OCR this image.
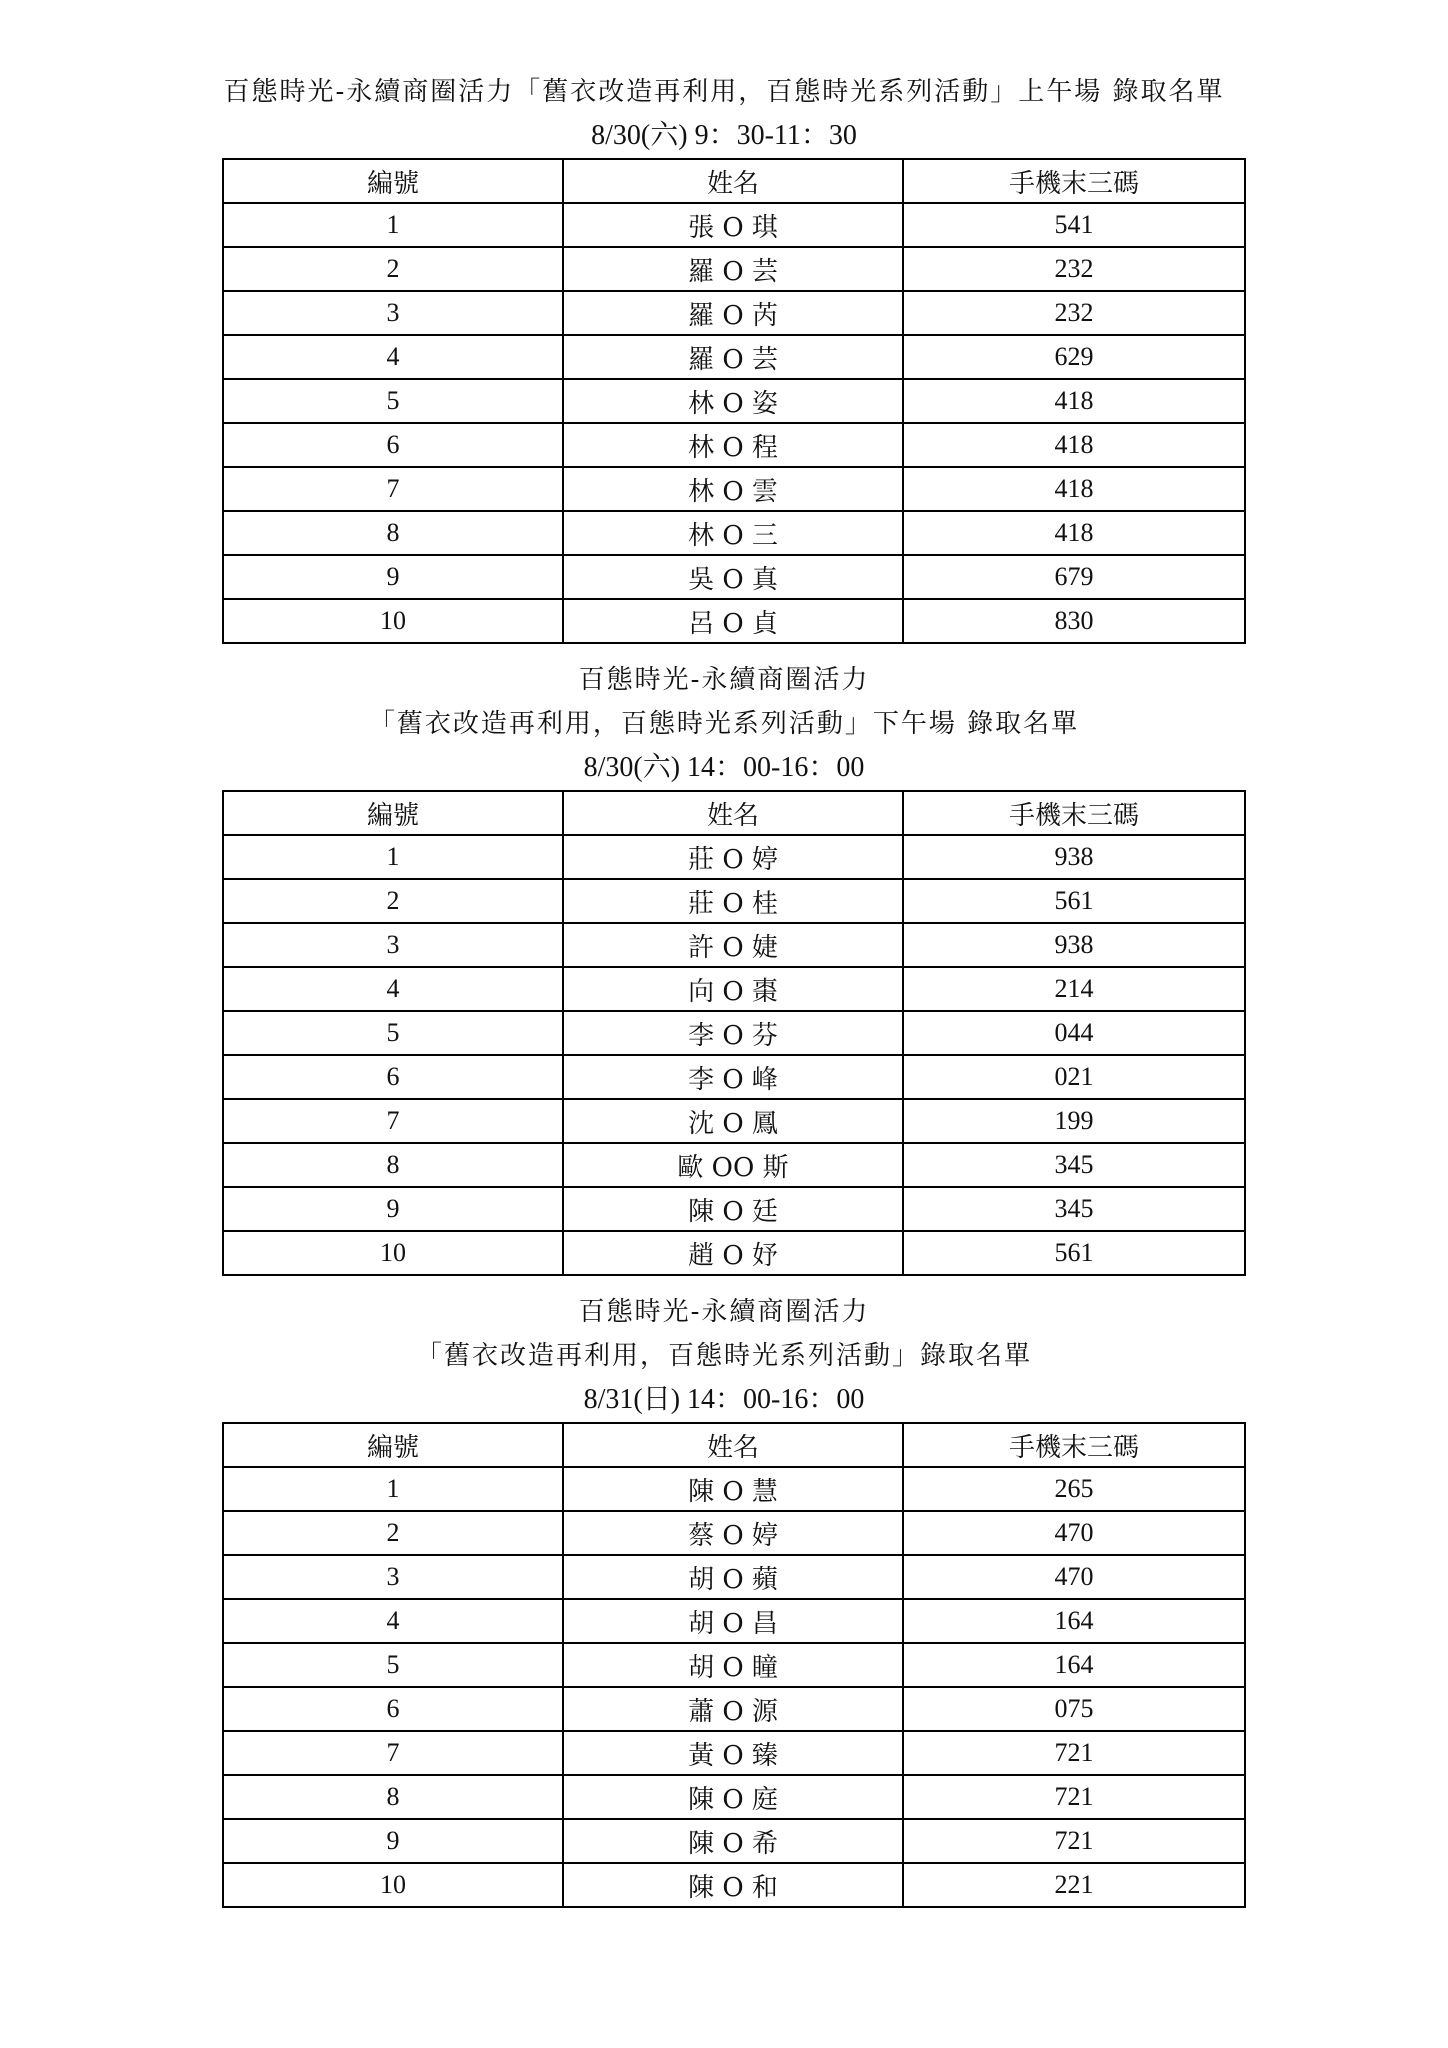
百態時光-永續商圈活力「舊衣改造再利用，百態時光系列活動」上午場 錄取名單
8/30(六) 9：30-11：30
編號	姓名	手機末三碼
1	張 O 琪	541
2	羅 O 芸	232
3	羅 O 芮	232
4	羅 O 芸	629
5	林 O 姿	418
6	林 O 程	418
7	林 O 雲	418
8	林 O 三	418
9	吳 O 真	679
10	呂 O 貞	830
百態時光-永續商圈活力
「舊衣改造再利用，百態時光系列活動」下午場 錄取名單
8/30(六) 14：00-16：00
編號	姓名	手機末三碼
1	莊 O 婷	938
2	莊 O 桂	561
3	許 O 婕	938
4	向 O 棗	214
5	李 O 芬	044
6	李 O 峰	021
7	沈 O 鳳	199
8	歐 OO 斯	345
9	陳 O 廷	345
10	趙 O 妤	561
百態時光-永續商圈活力
「舊衣改造再利用，百態時光系列活動」錄取名單
8/31(日) 14：00-16：00
編號	姓名	手機末三碼
1	陳 O 慧	265
2	蔡 O 婷	470
3	胡 O 蘋	470
4	胡 O 昌	164
5	胡 O 瞳	164
6	蕭 O 源	075
7	黃 O 臻	721
8	陳 O 庭	721
9	陳 O 希	721
10	陳 O 和	221
